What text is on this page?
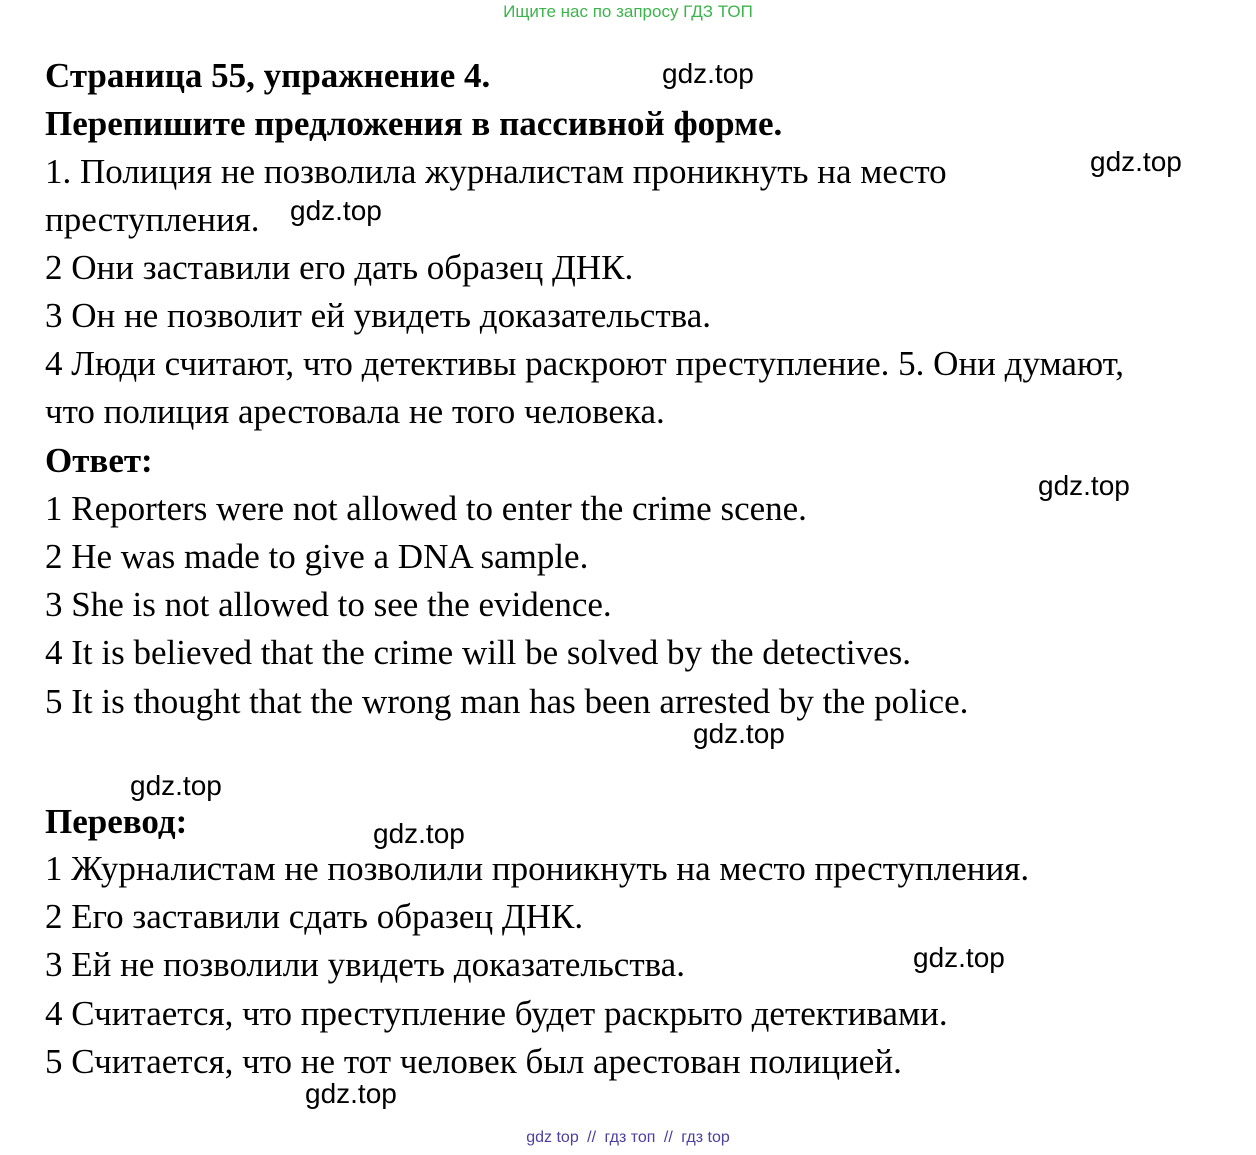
Ищите нас по запросу ГДЗ ТОП
Страница 55, упражнение 4.
Перепишите предложения в пассивной форме.
1. Полиция не позволила журналистам проникнуть на место
преступления.
2 Они заставили его дать образец ДНК.
3 Он не позволит ей увидеть доказательства.
4 Люди считают, что детективы раскроют преступление. 5. Они думают,
что полиция арестовала не того человека.
Ответ:
1 Reporters were not allowed to enter the crime scene.
2 He was made to give a DNA sample.
3 She is not allowed to see the evidence.
4 It is believed that the crime will be solved by the detectives.
5 It is thought that the wrong man has been arrested by the police.
Перевод:
1 Журналистам не позволили проникнуть на место преступления.
2 Его заставили сдать образец ДНК.
3 Ей не позволили увидеть доказательства.
4 Считается, что преступление будет раскрыто детективами.
5 Считается, что не тот человек был арестован полицией.
gdz.top
gdz.top
gdz.top
gdz.top
gdz.top
gdz.top
gdz.top
gdz.top
gdz.top
gdz top // гдз топ // гдз top
